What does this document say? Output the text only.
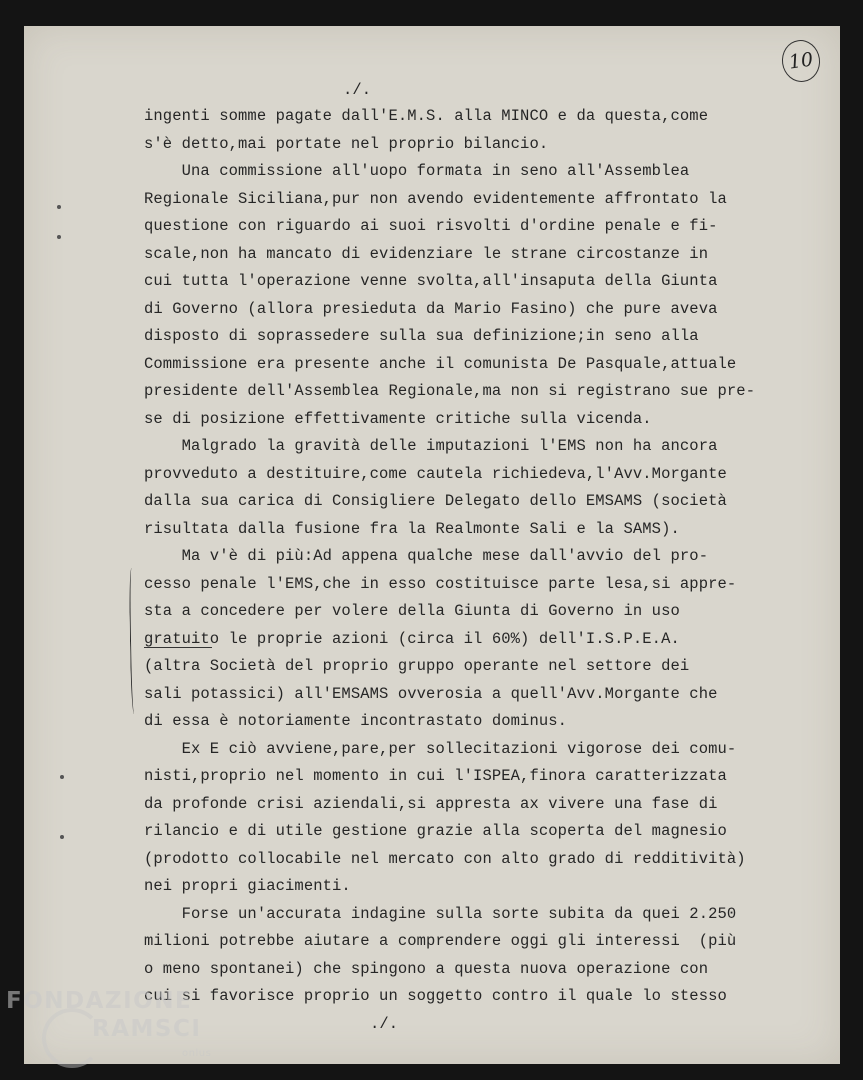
10

./.

ingenti somme pagate dall'E.M.S. alla MINCO e da questa,come
s'è detto,mai portate nel proprio bilancio.
Una commissione all'uopo formata in seno all'Assemblea
Regionale Siciliana,pur non avendo evidentemente affrontato la
questione con riguardo ai suoi risvolti d'ordine penale e fi-
scale,non ha mancato di evidenziare le strane circostanze in
cui tutta l'operazione venne svolta,all'insaputa della Giunta
di Governo (allora presieduta da Mario Fasino) che pure aveva
disposto di soprassedere sulla sua definizione;in seno alla
Commissione era presente anche il comunista De Pasquale,attuale
presidente dell'Assemblea Regionale,ma non si registrano sue pre-
se di posizione effettivamente critiche sulla vicenda.
Malgrado la gravità delle imputazioni l'EMS non ha ancora
provveduto a destituire,come cautela richiedeva,l'Avv.Morgante
dalla sua carica di Consigliere Delegato dello EMSAMS (società
risultata dalla fusione fra la Realmonte Sali e la SAMS).
Ma v'è di più:Ad appena qualche mese dall'avvio del pro-
cesso penale l'EMS,che in esso costituisce parte lesa,si appre-
sta a concedere per volere della Giunta di Governo in uso
gratuito le proprie azioni (circa il 60%) dell'I.S.P.E.A.
(altra Società del proprio gruppo operante nel settore dei
sali potassici) all'EMSAMS ovverosia a quell'Avv.Morgante che
di essa è notoriamente incontrastato dominus.
Ex E ciò avviene,pare,per sollecitazioni vigorose dei comu-
nisti,proprio nel momento in cui l'ISPEA,finora caratterizzata
da profonde crisi aziendali,si appresta ax vivere una fase di
rilancio e di utile gestione grazie alla scoperta del magnesio
(prodotto collocabile nel mercato con alto grado di redditività)
nei propri giacimenti.
Forse un'accurata indagine sulla sorte subita da quei 2.250
milioni potrebbe aiutare a comprendere oggi gli interessi  (più
o meno spontanei) che spingono a questa nuova operazione con
cui si favorisce proprio un soggetto contro il quale lo stesso

./.

FONDAZIONE
RAMSCI
onlus
